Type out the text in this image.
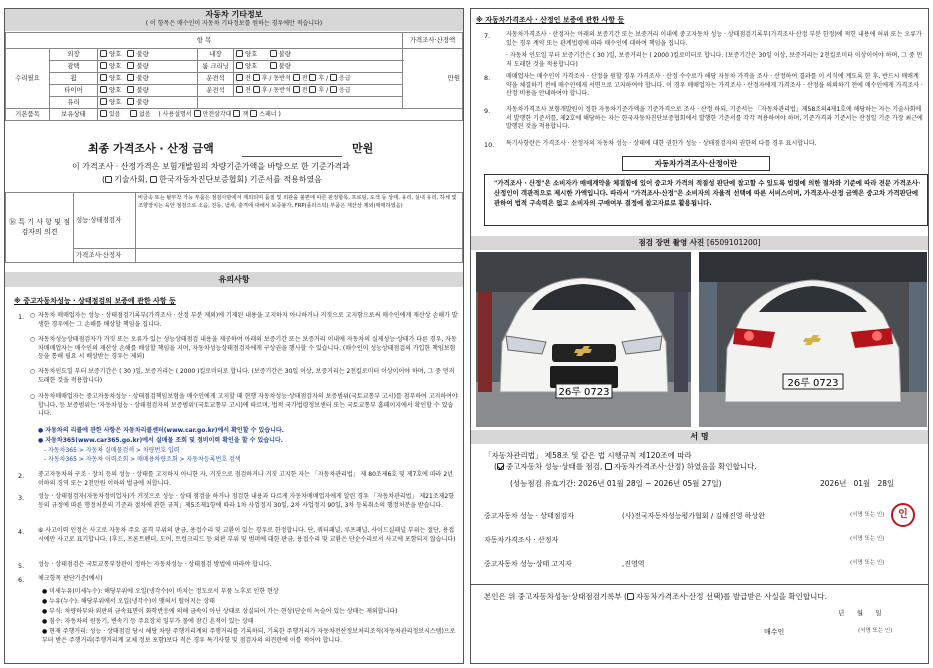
자동차 기타정보
( 이 항목은 매수인이 자동차 기타정보를 원하는 경우에만 적습니다)
항 목					가격조사·산정액
수리필요	외장	양호 불량	내장	양호 불량	만원
	광택	양호 불량	룸 크리닝	양호 불량	
	휠	양호 불량	운전석	전 후 / 동반석 전 후 / 응급	
	타이어	양호 불량	운전석	전 후 / 동반석 전 후 / 응급	
	유리	양호 불량			
기본품목	보유상태	있음 없음 ( 사용설명서 안전삼각대 잭 스패너 )			
최종 가격조사 · 산정 금액	만원
이 가격조사 · 산정가격은 보험개발원의 차량기준가액을 바탕으로 한 기준가격과
( 기술사회, 한국자동차진단보증협회) 기준서를 적용하였음
⑯ 특 기 사 항 및 점검자의 의견	성능·상태점검자	비금속 또는 탈부착 가능 부품은 점검사항에서 제외되며 품질 및 외관을 불편에 따른 판정항목, 프로팅, 도색 등 상태, 유리, 실내 유리, 하체 및 조향장치는 육안 점검으로 소음, 진동, 냄새, 충격에 대해서 보증불가, FRP(플라스틱) 부품은 계산상 제외(매매하였음)
	가격조사·산정자	
유의사항
※ 중고자동차성능 · 상태점검의 보증에 관한 사항 등
1. ○ 자동차 매매업자는 성능 · 상태점검기록부(가격조사 · 산정 부분 제외)에 기재된 내용을 고지하지 아니하거나 거짓으로 고지함으로써 매수인에게 재산상 손해가 발생한 경우에는 그 손해를 배상할 책임을 집니다.
○ 자동차성능상태점검자가 거짓 또는 오류가 있는 성능상태점검 내용을 제공하여 아래의 보증기간 또는 보증거리 이내에 자동차의 실제성능·상태가 다른 경우, 자동차매매업자는 매수인의 재산상 손해를 배상할 책임을 지며, 자동차성능상태점검자에게 구상권을 행사할 수 있습니다. (매수인이 성능상태점검의 가입한 책임보험 등을 통해 필요 시 배상받는 경우는 제외)
○ 자동차인도일 부터 보증기간은 ( 30 )일, 보증거리는 ( 2000 )킬로미터로 합니다. (보증기간은 30일 이상, 보증거리는 2천킬로미터 이상이어야 하며, 그 중 먼저 도래한 것을 적용합니다)
○ 자동차매매업자는 중고자동차성능 · 상태점검책임보험을 매수인에게 고지할 때 현행 자동차성능·상태점검자의 보증범위(국토교통부 고시)를 첨부하여 고지하여야 합니다. 등 보증범위는 '자동차성능 · 상태점검자의 보증범위'(국토교통부 고시)에 따르며, 법적 국가법령정보센터 또는 국토교통부 홈페이지에서 확인할 수 있습니다.
● 자동차의 리콜에 관한 사항은 자동차리콜센터(www.car.go.kr)에서 확인할 수 있습니다.
● 자동차365(www.car365.go.kr)에서 실매물 조회 및 정비이력 확인을 할 수 있습니다.
- 자동차365 > 자동차 실매물검색 > 차량번호 입력
- 자동차365 > 자동차 이력조회 > 매매용차량조회 > 자동차등록번호 검색
2. 중고자동차의 구조 · 장치 등의 성능 · 상태를 고지하지 아니한 자, 거짓으로 점검하거나 거짓 고지한 자는 「자동차관리법」 제 80조제6호 및 제7호에 따라 2년 이하의 징역 또는 2천만원 이하의 벌금에 처합니다.
3. 성능 · 상태점검자(자동차정비업자)가 거짓으로 성능 · 상태 점검을 하거나 점검한 내용과 다르게 자동차매매업자에게 알린 경우 「자동차관리법」 제21조제2항 등의 규정에 따른 행정처분의 기준과 절차에 관한 규칙」제5조제1항에 따라 1차 사업정지 30일, 2차 사업정지 90일, 3차 등록취소의 행정처분을 받습니다.
4. ⑥ 사고이력 인정은 사고로 자동차 주요 골격 부위의 판금, 용접수리 및 교환이 있는 경우로 한정합니다. 단, 쿼터패널, 루프패널, 사이드실패널 부위는 절단, 용접 시에만 사고로 표기합니다. (후드, 프론트펜더, 도어, 트렁크리드 등 외판 부위 및 범퍼에 대한 판금, 용접수리 및 교환은 단순수리로서 사고에 포함되지 않습니다)
5. 성능 · 상태점검은 국토교통부장관이 정하는 자동차성능 · 상태점검 방법에 따라야 합니다.
6. 체크항목 판단기준(예시)
● 미세누유(미세누수): 해당부위에 오일(냉각수)이 비치는 정도로서 부품 노후로 인한 현상
● 누유(누수): 해당부위에서 오일(냉각수)이 맺혀서 떨어지는 상태
● 부식: 차량하부와 외판의 금속표면이 화학반응에 의해 금속이 아닌 상태로 상실되어 가는 현상(단순히 녹슬어 있는 상태는 제외합니다)
● 침수: 자동차의 원동기, 변속기 등 주요장치 일부가 물에 잠긴 흔적이 있는 상태
● 현재 주행거리: 성능 · 상태점검 당시 해당 차량 주행거리계의 주행거리를 기록하되, 기록한 주행거리가 자동차전산정보처리조직(자동차관리정보시스템)으로부터 받은 주행거리(주행거리계 교체 정보 포함)보다 적은 경우 특기사항 및 점검자의 의견란에 이를 적어야 합니다.
※ 자동차가격조사 · 산정인 보증에 관한 사항 등
7.	자동차가격조사 · 산정자는 아래의 보증기간 또는 보증거리 이내에 중고자동차 성능 · 상태점검기록부(가격조사·산정 부분 한정)에 적힌 내용에 허위 또는 오류가 있는 경우 계약 또는 관계법령에 따라 매수인에 대하여 책임을 집니다.
· 자동차 인도일 부터 보증기간은 ( 30 )일, 보증거리는 ( 2000 )킬로미터로 합니다. (보증기간은 30일 이상, 보증거리는 2천킬로미터 이상이어야 하며, 그 중 먼저 도래한 것을 적용합니다)
8.	매매업자는 매수인이 가격조사 · 산정을 원할 경우 가격조사 · 산정 수수료가 해당 자동차 가격을 조사 · 산정하여 결과를 이 서식에 계도록 한 후, 반드시 매매계약을 체결하기 전에 매수인에게 서면으로 고지하여야 합니다. 이 경우 매매업자는 가격조사 · 산정자에게 가격조사 · 산정을 의뢰하기 전에 매수인에게 가격조사 · 산정 비용을 안내하여야 합니다.
9.	자동차가격조사 보험개발원이 정한 자동차기준가액을 기준가격으로 조사 · 산정 하되, 기준서는 「자동차관리법」제58조의4제1호에 해당하는 자는 기술사회에서 발행한 기준서를, 제2호에 해당하는 자는 한국자동차진단보증협회에서 발행한 기준서를 각각 적용하여야 하며, 기준가격과 기준서는 산정일 기준 가장 최근에 발행된 것을 적용합니다.
10. 특기사항란은 가격조사 · 산정자의 자동차 성능 · 상태에 대한 권한가 성능 · 상태점검자의 권한의 다를 경우 표시합니다.
자동차가격조사·산정이란
"가격조사 · 산정"은 소비자가 매매계약을 체결함에 있어 중고차 가격의 적절성 판단에 참고할 수 있도록 법령에 의한 절차와 기준에 따라 전문 가격조사·산정인이 객관적으로 제시한 가액입니다. 따라서 "가격조사·산정"은 소비자의 자율적 선택에 따른 서비스이며, 가격조사·산정 금액은 중고차 가격판단에 관하여 법적 구속력은 없고 소비자의 구매여부 결정에 참고자료로 활용됩니다.
점검 장면 촬영 사진 [6509101200]
26루 0723
26루 0723
서 명
「자동차관리법」 제58조 및 같은 법 시행규칙 제120조에 따라
( 중고자동차 성능·상태를 점검, 자동차가격조사·산정) 하였음을 확인합니다.
(성능점검 유효기간: 2026년 01월 28일 ~ 2026년 05월 27일)	2026년 01월 28일
중고자동차 성능 · 상태점검자	(사)전국자동차성능평가협회 / 김해진영 하상완	(서명 또는 인)	인
자동차가격조사 · 산정자	(서명 또는 인)
중고자동차 성능·상태 고지자	,진영역	(서명 또는 인)
본인은 위 중고자동차성능·상태점검기록부 ( 자동차가격조사·산정 선택)를 발급받은 사실을 확인합니다.
년 월 일
매수인	(서명 또는 인)
